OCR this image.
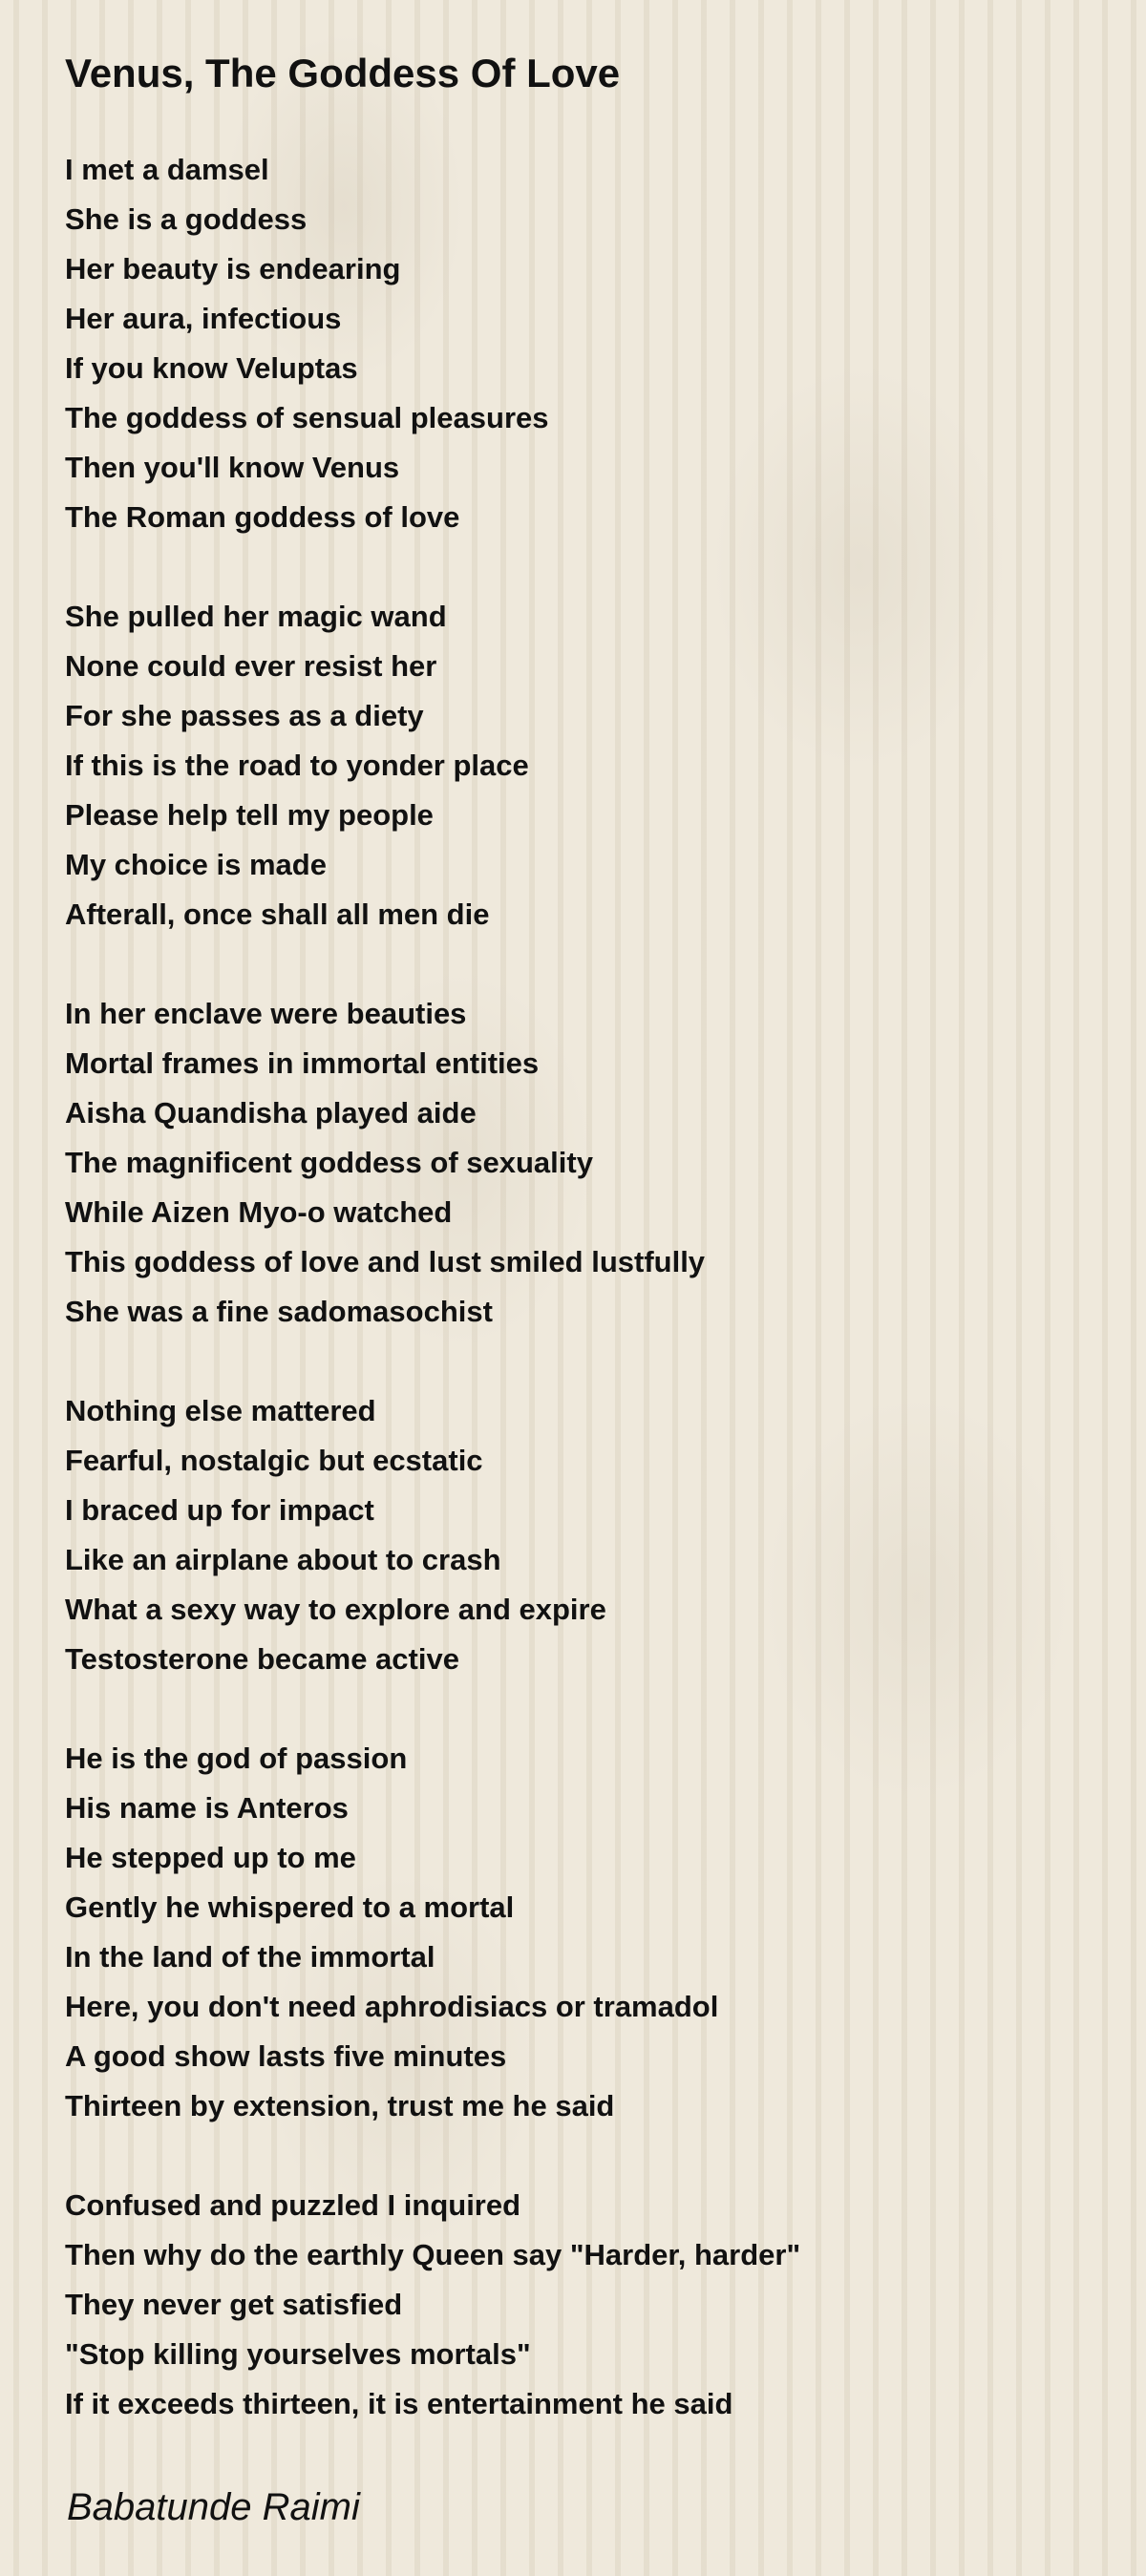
Venus, The Goddess Of Love
I met a damsel
She is a goddess
Her beauty is endearing
Her aura, infectious
If you know Veluptas
The goddess of sensual pleasures
Then you'll know Venus
The Roman goddess of love
She pulled her magic wand
None could ever resist her
For she passes as a diety
If this is the road to yonder place
Please help tell my people
My choice is made
Afterall, once shall all men die
In her enclave were beauties
Mortal frames in immortal entities
Aisha Quandisha played aide
The magnificent goddess of sexuality
While Aizen Myo-o watched
This goddess of love and lust smiled lustfully
She was a fine sadomasochist
Nothing else mattered
Fearful, nostalgic but ecstatic
I braced up for impact
Like an airplane about to crash
What a sexy way to explore and expire
Testosterone became active
He is the god of passion
His name is Anteros
He stepped up to me
Gently he whispered to a mortal
In the land of the immortal
Here, you don't need aphrodisiacs or tramadol
A good show lasts five minutes
Thirteen by extension, trust me he said
Confused and puzzled I inquired
Then why do the earthly Queen say "Harder, harder"
They never get satisfied
"Stop killing yourselves mortals"
If it exceeds thirteen, it is entertainment he said
Babatunde Raimi
